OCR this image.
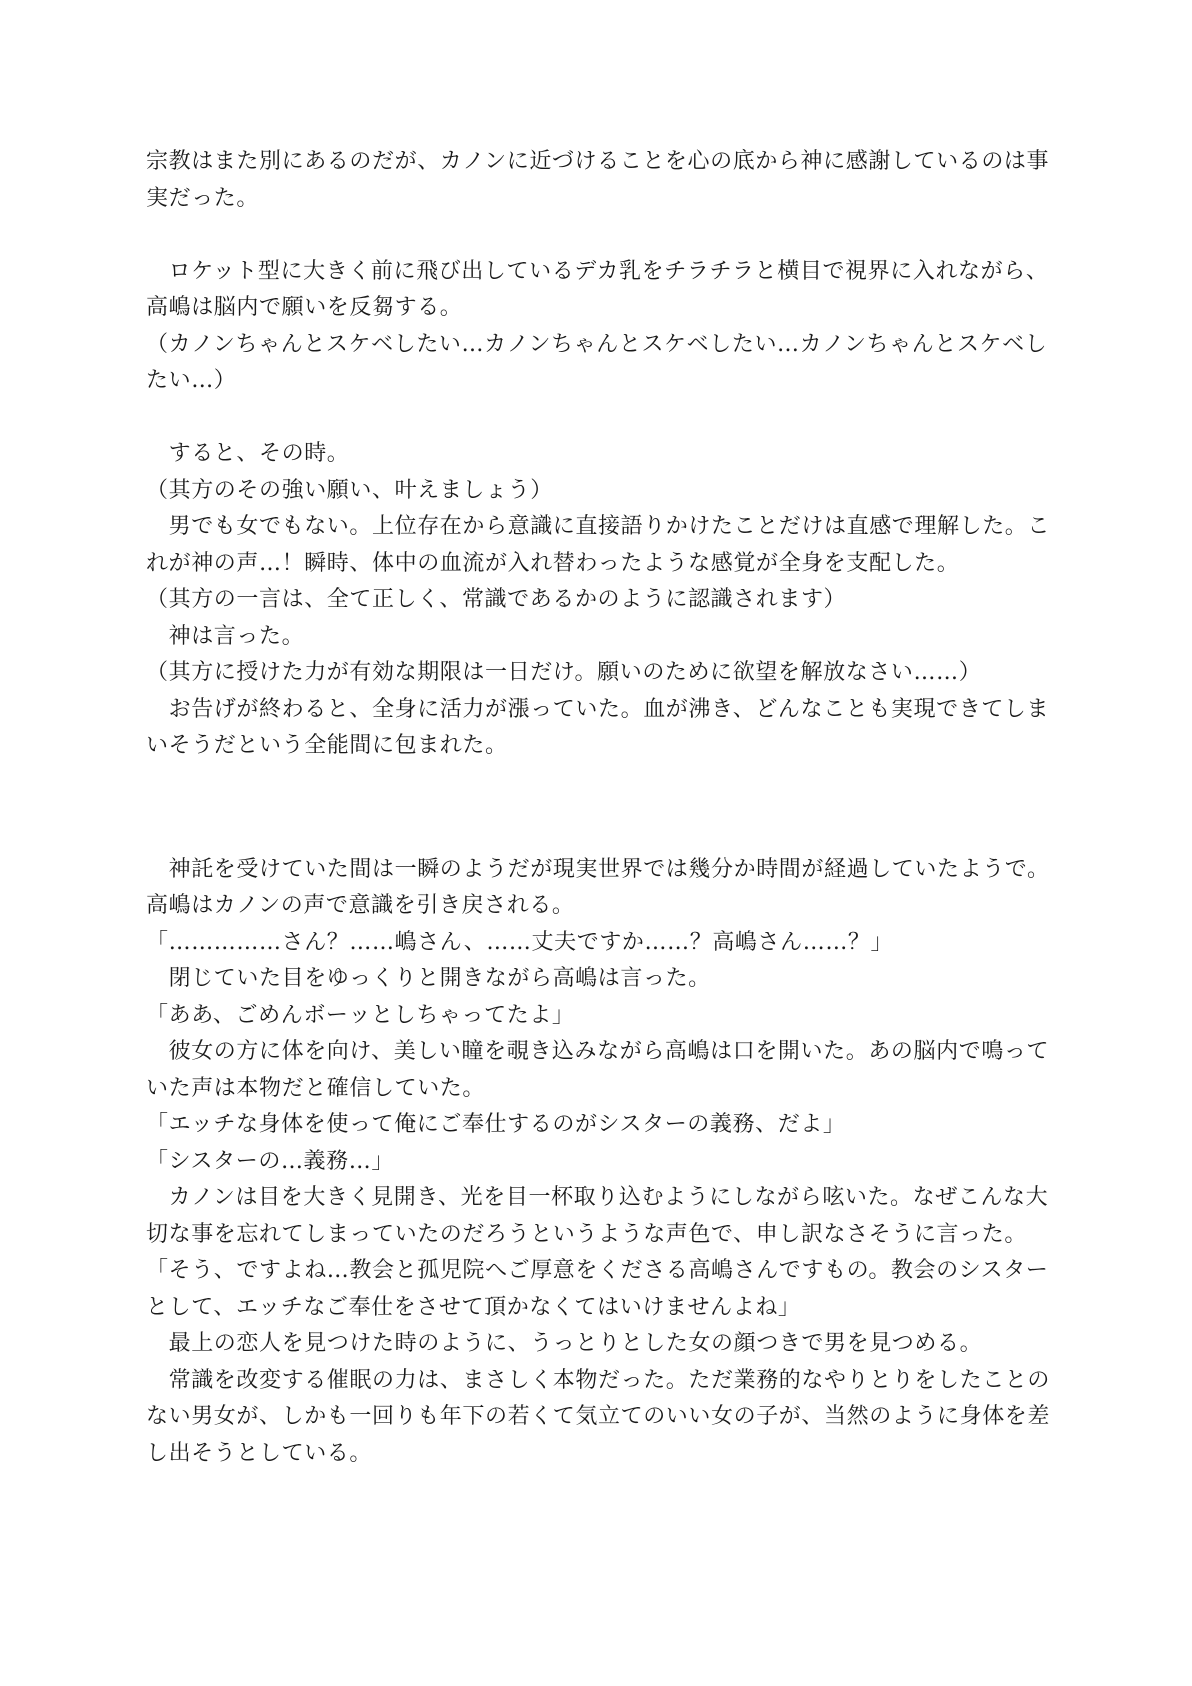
宗教はまた別にあるのだが、カノンに近づけることを心の底から神に感謝しているのは事実だった。

　ロケット型に大きく前に飛び出しているデカ乳をチラチラと横目で視界に入れながら、高嶋は脳内で願いを反芻する。

（カノンちゃんとスケベしたい…カノンちゃんとスケベしたい…カノンちゃんとスケベしたい…）

　すると、その時。

（其方のその強い願い、叶えましょう）

　男でも女でもない。上位存在から意識に直接語りかけたことだけは直感で理解した。これが神の声…！瞬時、体中の血流が入れ替わったような感覚が全身を支配した。

（其方の一言は、全て正しく、常識であるかのように認識されます）

　神は言った。

（其方に授けた力が有効な期限は一日だけ。願いのために欲望を解放なさい……）

　お告げが終わると、全身に活力が漲っていた。血が沸き、どんなことも実現できてしまいそうだという全能間に包まれた。

　神託を受けていた間は一瞬のようだが現実世界では幾分か時間が経過していたようで。高嶋はカノンの声で意識を引き戻される。

「……………さん？……嶋さん、……丈夫ですか……？高嶋さん……？」

　閉じていた目をゆっくりと開きながら高嶋は言った。

「ああ、ごめんボーッとしちゃってたよ」

　彼女の方に体を向け、美しい瞳を覗き込みながら高嶋は口を開いた。あの脳内で鳴っていた声は本物だと確信していた。

「エッチな身体を使って俺にご奉仕するのがシスターの義務、だよ」

「シスターの…義務…」

　カノンは目を大きく見開き、光を目一杯取り込むようにしながら呟いた。なぜこんな大切な事を忘れてしまっていたのだろうというような声色で、申し訳なさそうに言った。

「そう、ですよね…教会と孤児院へご厚意をくださる高嶋さんですもの。教会のシスターとして、エッチなご奉仕をさせて頂かなくてはいけませんよね」

　最上の恋人を見つけた時のように、うっとりとした女の顔つきで男を見つめる。

　常識を改変する催眠の力は、まさしく本物だった。ただ業務的なやりとりをしたことのない男女が、しかも一回りも年下の若くて気立てのいい女の子が、当然のように身体を差し出そうとしている。
